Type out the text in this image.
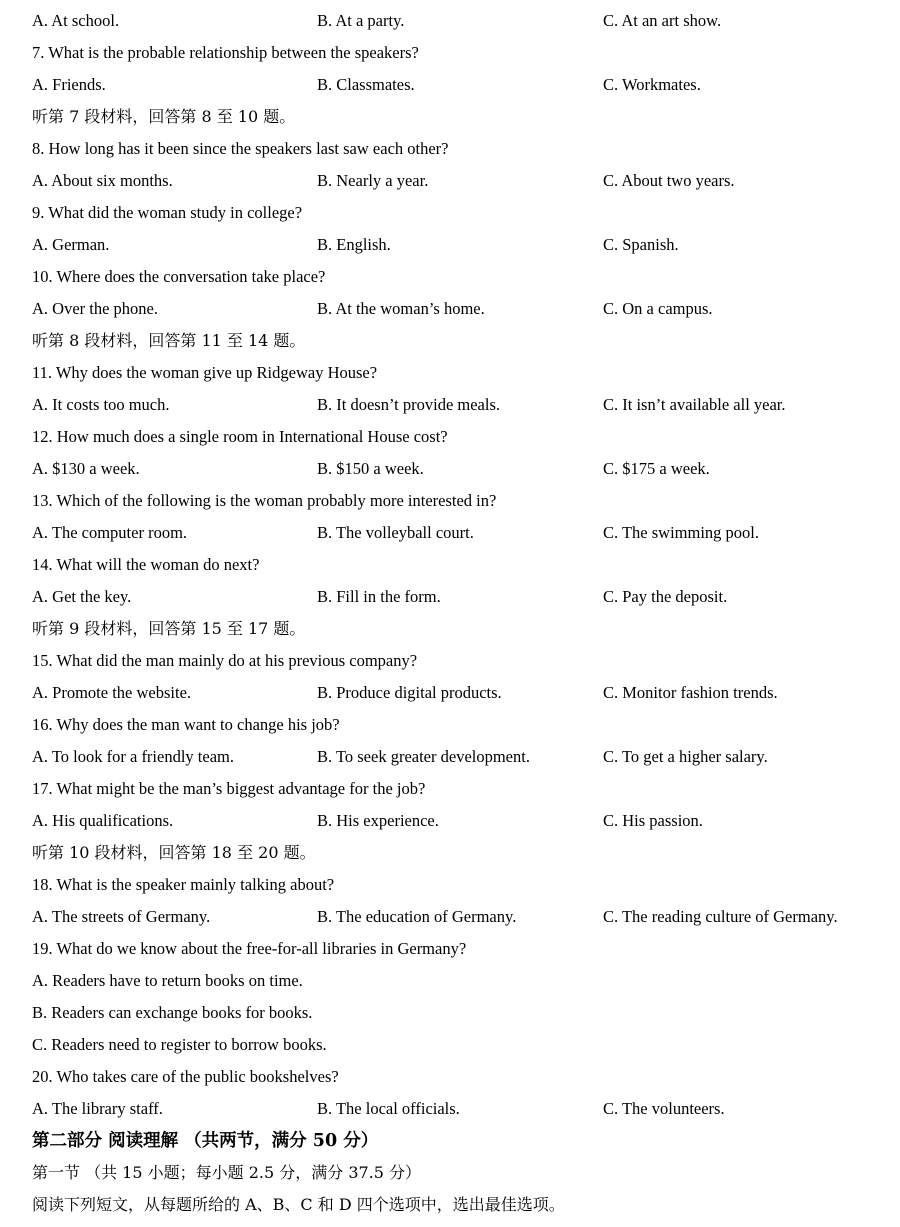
A. At school.	B. At a party.	C. At an art show.
7. What is the probable relationship between the speakers?
A. Friends.	B. Classmates.	C. Workmates.
听第 7 段材料，回答第 8 至 10 题。
8. How long has it been since the speakers last saw each other?
A. About six months.	B. Nearly a year.	C. About two years.
9. What did the woman study in college?
A. German.	B. English.	C. Spanish.
10. Where does the conversation take place?
A. Over the phone.	B. At the woman’s home.	C. On a campus.
听第 8 段材料，回答第 11 至 14 题。
11. Why does the woman give up Ridgeway House?
A. It costs too much.	B. It doesn’t provide meals.	C. It isn’t available all year.
12. How much does a single room in International House cost?
A. $130 a week.	B. $150 a week.	C. $175 a week.
13. Which of the following is the woman probably more interested in?
A. The computer room.	B. The volleyball court.	C. The swimming pool.
14. What will the woman do next?
A. Get the key.	B. Fill in the form.	C. Pay the deposit.
听第 9 段材料，回答第 15 至 17 题。
15. What did the man mainly do at his previous company?
A. Promote the website.	B. Produce digital products.	C. Monitor fashion trends.
16. Why does the man want to change his job?
A. To look for a friendly team.	B. To seek greater development.	C. To get a higher salary.
17. What might be the man’s biggest advantage for the job?
A. His qualifications.	B. His experience.	C. His passion.
听第 10 段材料，回答第 18 至 20 题。
18. What is the speaker mainly talking about?
A. The streets of Germany.	B. The education of Germany.	C. The reading culture of Germany.
19. What do we know about the free-for-all libraries in Germany?
A. Readers have to return books on time.
B. Readers can exchange books for books.
C. Readers need to register to borrow books.
20. Who takes care of the public bookshelves?
A. The library staff.	B. The local officials.	C. The volunteers.
第二部分 阅读理解 （共两节，满分 50 分）
第一节 （共 15 小题；每小题 2.5 分，满分 37.5 分）
阅读下列短文，从每题所给的 A、B、C 和 D 四个选项中，选出最佳选项。
